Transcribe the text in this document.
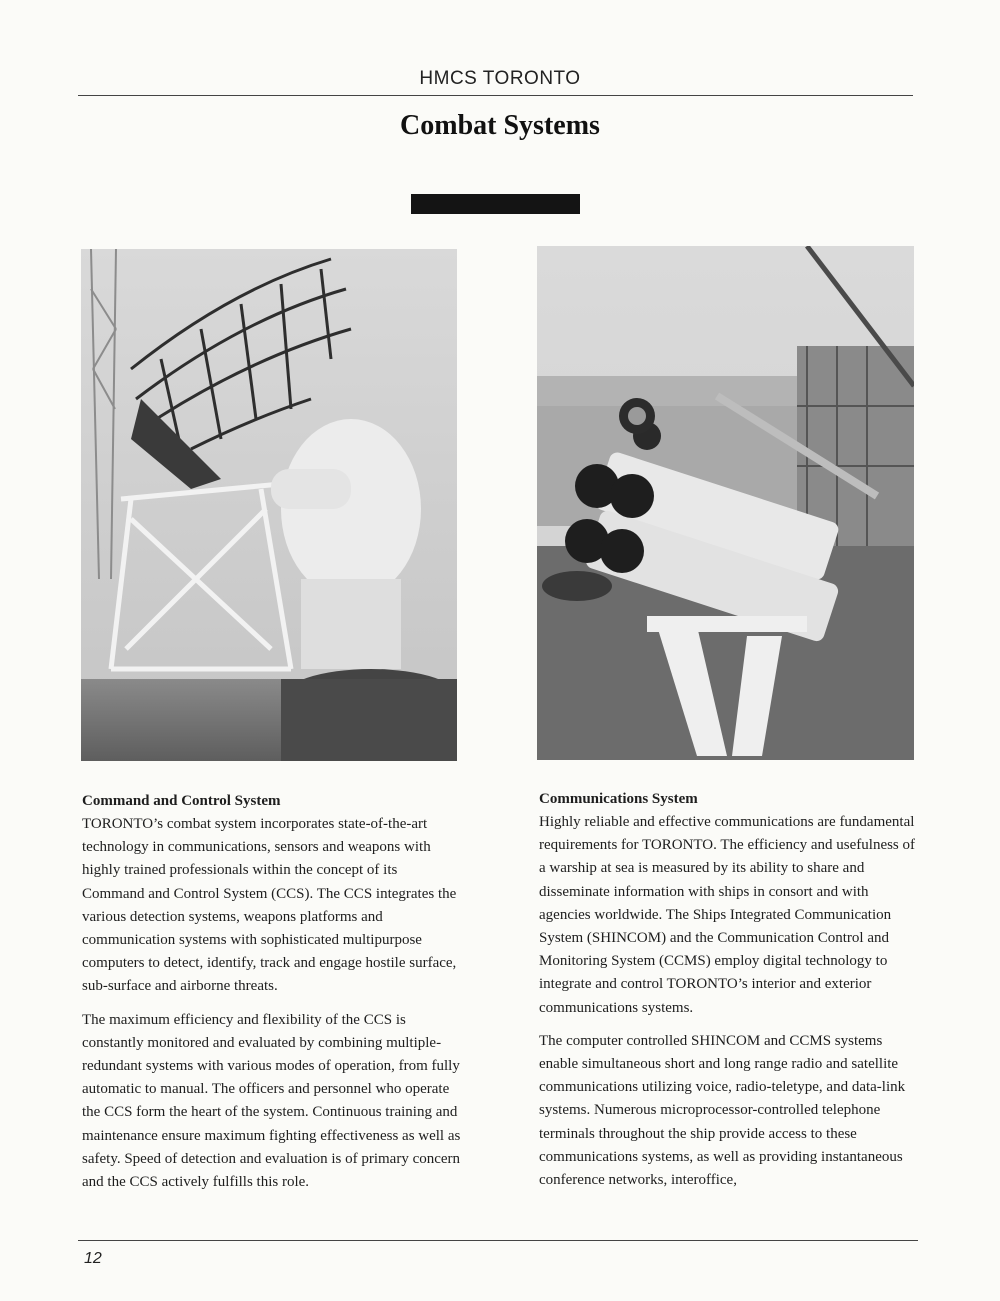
HMCS TORONTO
Combat Systems
Command and Control System

TORONTO’s combat system incorporates state-of-the-art technology in communications, sensors and weapons with highly trained professionals within the concept of its Command and Control System (CCS). The CCS integrates the various detection systems, weapons platforms and communication systems with sophisticated multipurpose computers to detect, identify, track and engage hostile surface, sub-surface and airborne threats.

The maximum efficiency and flexibility of the CCS is constantly monitored and evaluated by combining multiple-redundant systems with various modes of operation, from fully automatic to manual. The officers and personnel who operate the CCS form the heart of the system. Continuous training and maintenance ensure maximum fighting effectiveness as well as safety. Speed of detection and evaluation is of primary concern and the CCS actively fulfills this role.

Communications System

Highly reliable and effective communications are fundamental requirements for TORONTO. The efficiency and usefulness of a warship at sea is measured by its ability to share and disseminate information with ships in consort and with agencies worldwide. The Ships Integrated Communication System (SHINCOM) and the Communication Control and Monitoring System (CCMS) employ digital technology to integrate and control TORONTO’s interior and exterior communications systems.

The computer controlled SHINCOM and CCMS systems enable simultaneous short and long range radio and satellite communications utilizing voice, radio-teletype, and data-link systems. Numerous microprocessor-controlled telephone terminals throughout the ship provide access to these communications systems, as well as providing instantaneous conference networks, interoffice,

12
